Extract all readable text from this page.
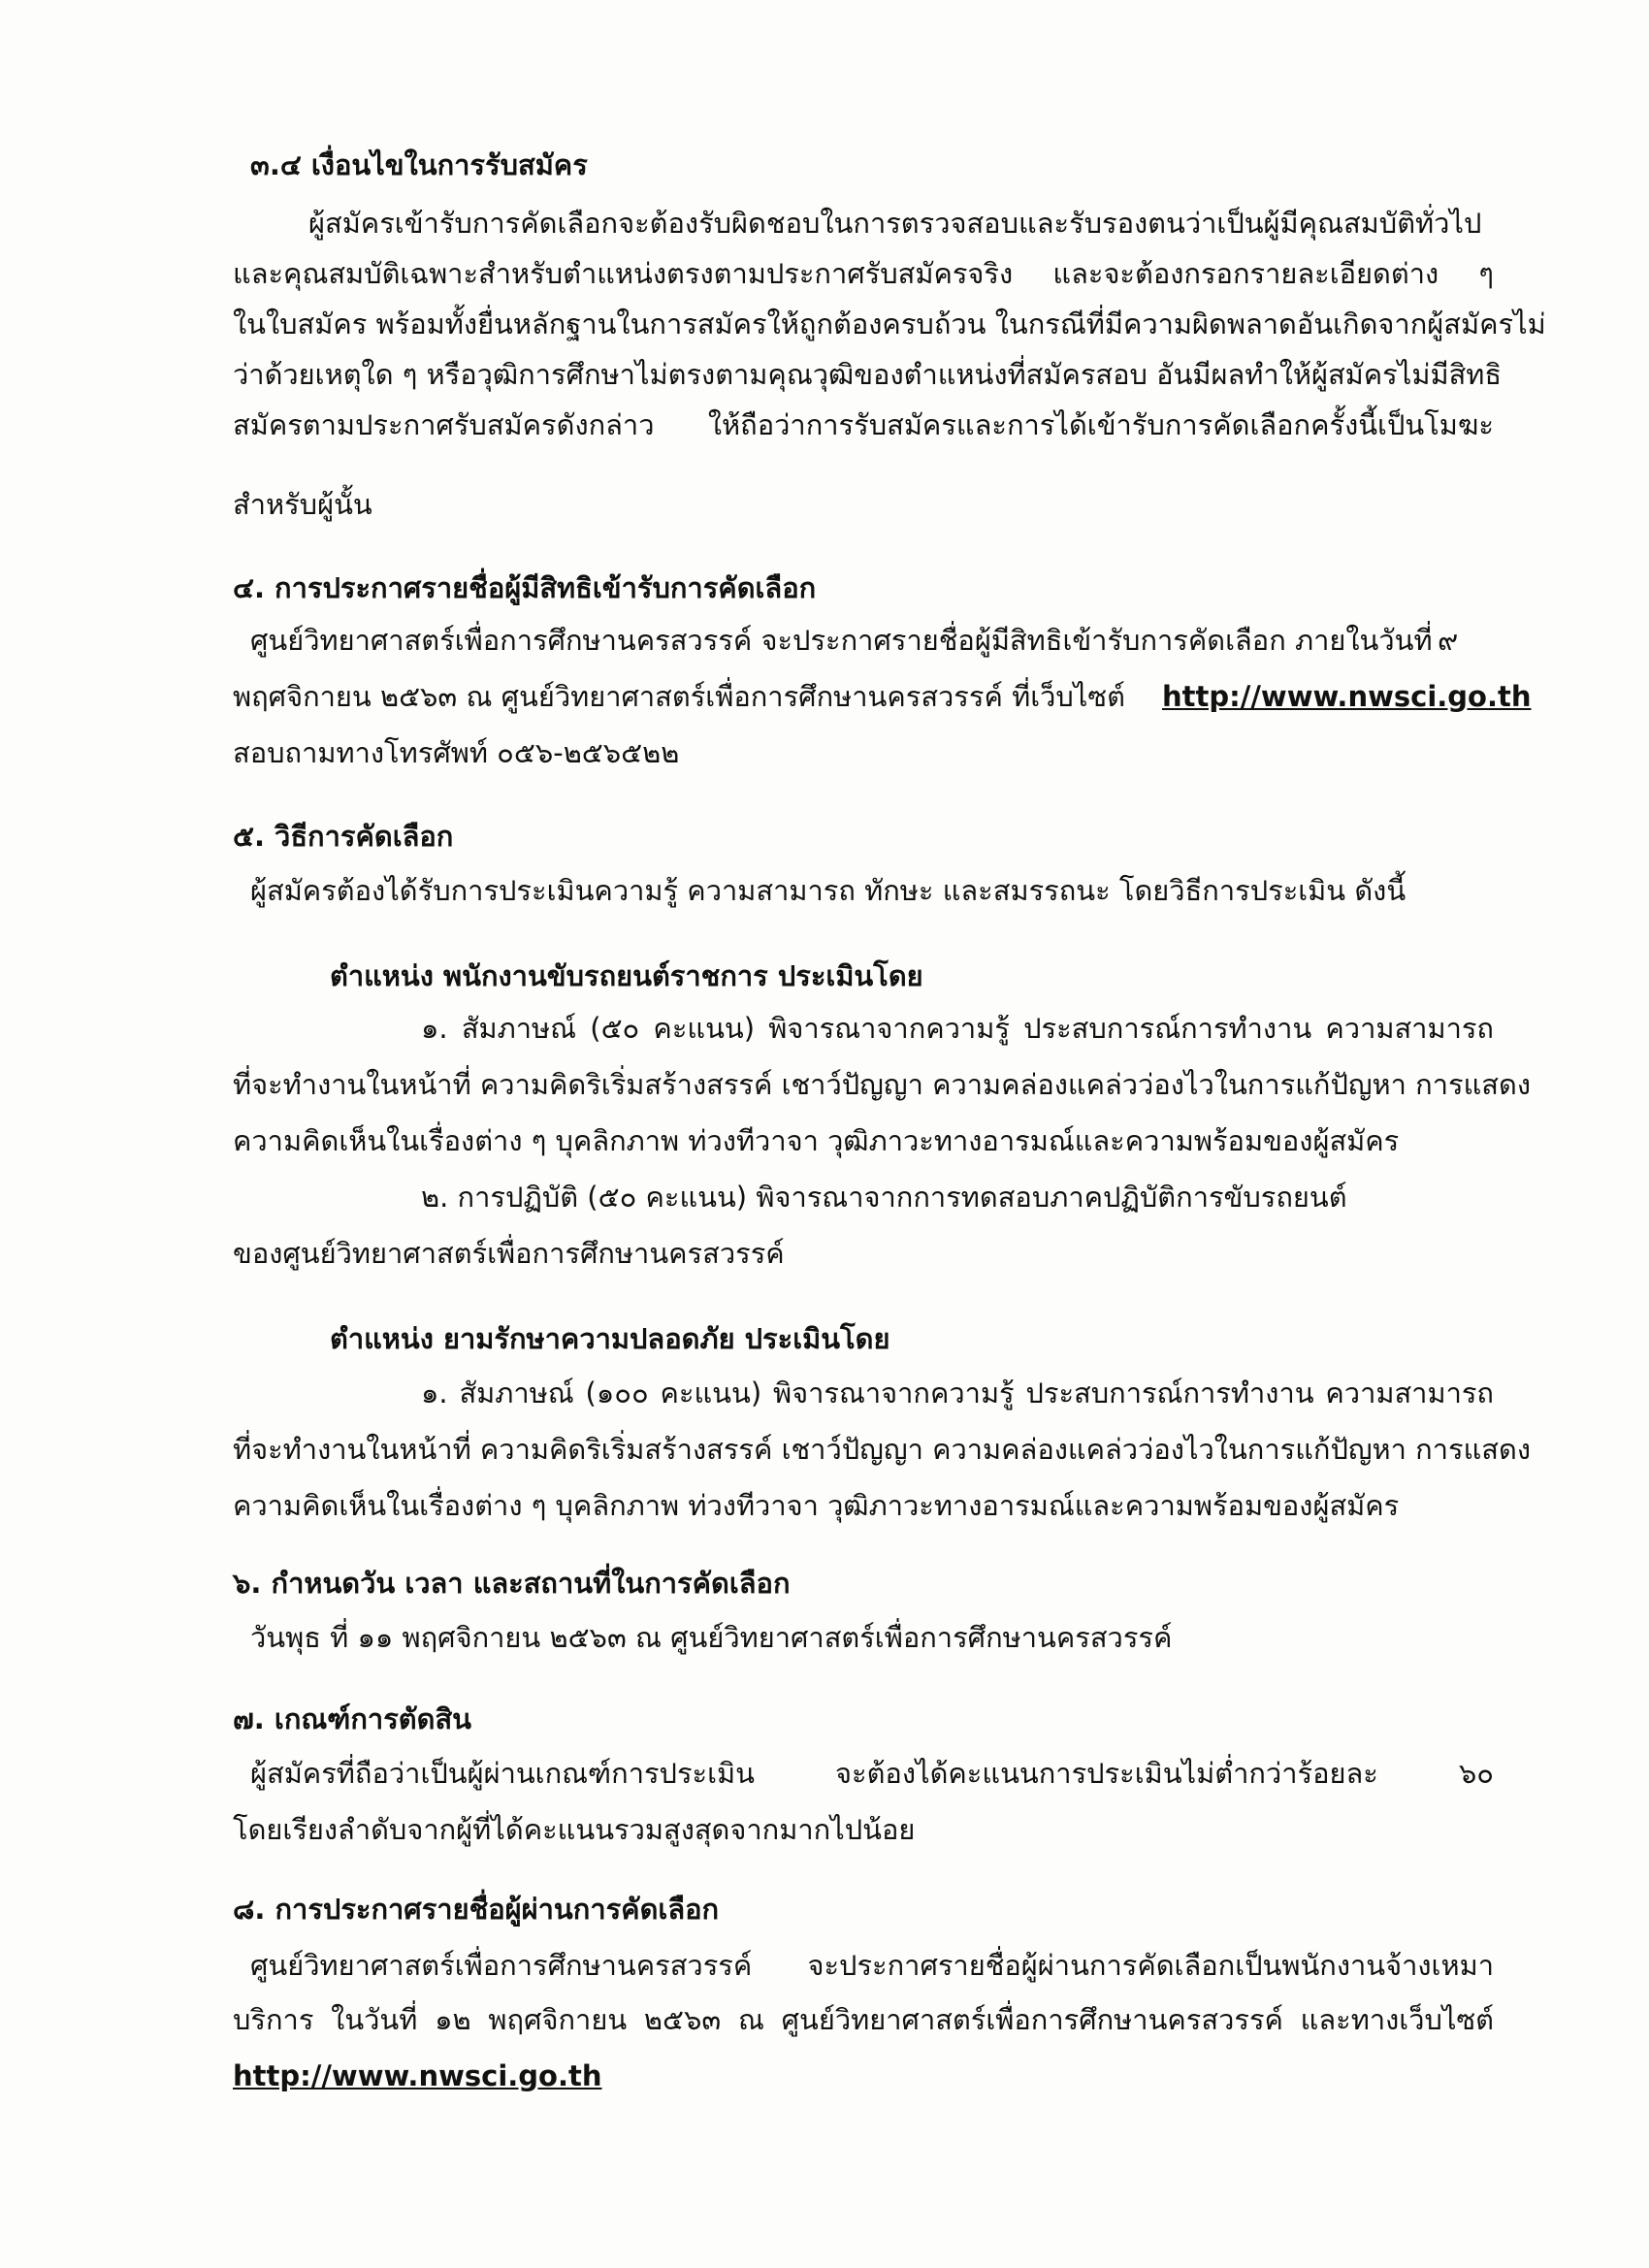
๓.๔ เงื่อนไขในการรับสมัคร
ผู้สมัครเข้ารับการคัดเลือกจะต้องรับผิดชอบในการตรวจสอบและรับรองตนว่าเป็นผู้มีคุณสมบัติทั่วไป
และคุณสมบัติเฉพาะสำหรับตำแหน่งตรงตามประกาศรับสมัครจริง และจะต้องกรอกรายละเอียดต่าง ๆ
ในใบสมัคร พร้อมทั้งยื่นหลักฐานในการสมัครให้ถูกต้องครบถ้วน ในกรณีที่มีความผิดพลาดอันเกิดจากผู้สมัครไม่
ว่าด้วยเหตุใด ๆ หรือวุฒิการศึกษาไม่ตรงตามคุณวุฒิของตำแหน่งที่สมัครสอบ อันมีผลทำให้ผู้สมัครไม่มีสิทธิ
สมัครตามประกาศรับสมัครดังกล่าว ให้ถือว่าการรับสมัครและการได้เข้ารับการคัดเลือกครั้งนี้เป็นโมฆะ
สำหรับผู้นั้น
๔. การประกาศรายชื่อผู้มีสิทธิเข้ารับการคัดเลือก
ศูนย์วิทยาศาสตร์เพื่อการศึกษานครสวรรค์ จะประกาศรายชื่อผู้มีสิทธิเข้ารับการคัดเลือก ภายในวันที่ ๙
พฤศจิกายน ๒๕๖๓ ณ ศูนย์วิทยาศาสตร์เพื่อการศึกษานครสวรรค์ ที่เว็บไซต์ http://www.nwsci.go.th
สอบถามทางโทรศัพท์ ๐๕๖-๒๕๖๕๒๒
๕. วิธีการคัดเลือก
ผู้สมัครต้องได้รับการประเมินความรู้ ความสามารถ ทักษะ และสมรรถนะ โดยวิธีการประเมิน ดังนี้
ตำแหน่ง พนักงานขับรถยนต์ราชการ ประเมินโดย
๑. สัมภาษณ์ (๕๐ คะแนน) พิจารณาจากความรู้ ประสบการณ์การทำงาน ความสามารถ
ที่จะทำงานในหน้าที่ ความคิดริเริ่มสร้างสรรค์ เชาว์ปัญญา ความคล่องแคล่วว่องไวในการแก้ปัญหา การแสดง
ความคิดเห็นในเรื่องต่าง ๆ บุคลิกภาพ ท่วงทีวาจา วุฒิภาวะทางอารมณ์และความพร้อมของผู้สมัคร
๒. การปฏิบัติ (๕๐ คะแนน) พิจารณาจากการทดสอบภาคปฏิบัติการขับรถยนต์
ของศูนย์วิทยาศาสตร์เพื่อการศึกษานครสวรรค์
ตำแหน่ง ยามรักษาความปลอดภัย ประเมินโดย
๑. สัมภาษณ์ (๑๐๐ คะแนน) พิจารณาจากความรู้ ประสบการณ์การทำงาน ความสามารถ
ที่จะทำงานในหน้าที่ ความคิดริเริ่มสร้างสรรค์ เชาว์ปัญญา ความคล่องแคล่วว่องไวในการแก้ปัญหา การแสดง
ความคิดเห็นในเรื่องต่าง ๆ บุคลิกภาพ ท่วงทีวาจา วุฒิภาวะทางอารมณ์และความพร้อมของผู้สมัคร
๖. กำหนดวัน เวลา และสถานที่ในการคัดเลือก
วันพุธ ที่ ๑๑ พฤศจิกายน ๒๕๖๓ ณ ศูนย์วิทยาศาสตร์เพื่อการศึกษานครสวรรค์
๗. เกณฑ์การตัดสิน
ผู้สมัครที่ถือว่าเป็นผู้ผ่านเกณฑ์การประเมิน จะต้องได้คะแนนการประเมินไม่ต่ำกว่าร้อยละ ๖๐
โดยเรียงลำดับจากผู้ที่ได้คะแนนรวมสูงสุดจากมากไปน้อย
๘. การประกาศรายชื่อผู้ผ่านการคัดเลือก
ศูนย์วิทยาศาสตร์เพื่อการศึกษานครสวรรค์ จะประกาศรายชื่อผู้ผ่านการคัดเลือกเป็นพนักงานจ้างเหมา
บริการ ในวันที่ ๑๒ พฤศจิกายน ๒๕๖๓ ณ ศูนย์วิทยาศาสตร์เพื่อการศึกษานครสวรรค์ และทางเว็บไซต์
http://www.nwsci.go.th
